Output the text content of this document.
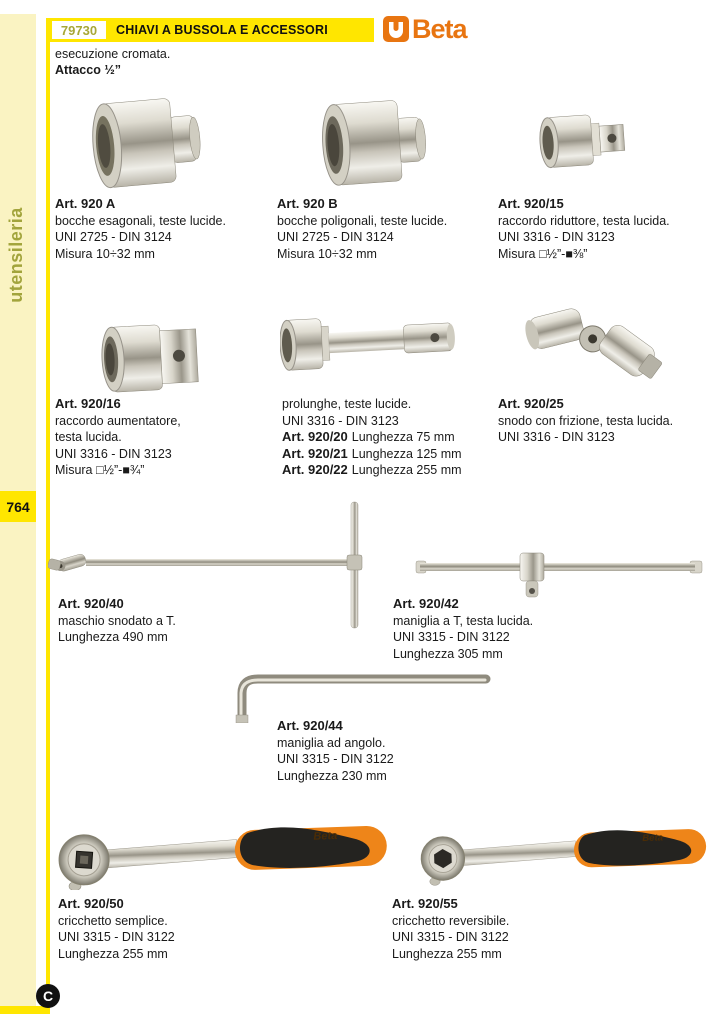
utensileria
764
C
79730	CHIAVI A BUSSOLA E ACCESSORI	Beta
esecuzione cromata.
Attacco ½”
Beta	Beta
Art. 920 A
bocche esagonali, teste lucide.
UNI 2725 - DIN 3124
Misura 10÷32 mm
Art. 920 B
bocche poligonali, teste lucide.
UNI 2725 - DIN 3124
Misura 10÷32 mm
Art. 920/15
raccordo riduttore, testa lucida.
UNI 3316 - DIN 3123
Misura □½”-■⅜”
Art. 920/16
raccordo aumentatore,
testa lucida.
UNI 3316 - DIN 3123
Misura □½”-■¾”
prolunghe, teste lucide.
UNI 3316 - DIN 3123
Art. 920/20 Lunghezza 75 mm
Art. 920/21 Lunghezza 125 mm
Art. 920/22 Lunghezza 255 mm
Art. 920/25
snodo con frizione, testa lucida.
UNI 3316 - DIN 3123
Art. 920/40
maschio snodato a T.
Lunghezza 490 mm
Art. 920/42
maniglia a T, testa lucida.
UNI 3315 - DIN 3122
Lunghezza 305 mm
Art. 920/44
maniglia ad angolo.
UNI 3315 - DIN 3122
Lunghezza 230 mm
Art. 920/50
cricchetto semplice.
UNI 3315 - DIN 3122
Lunghezza 255 mm
Art. 920/55
cricchetto reversibile.
UNI 3315 - DIN 3122
Lunghezza 255 mm
